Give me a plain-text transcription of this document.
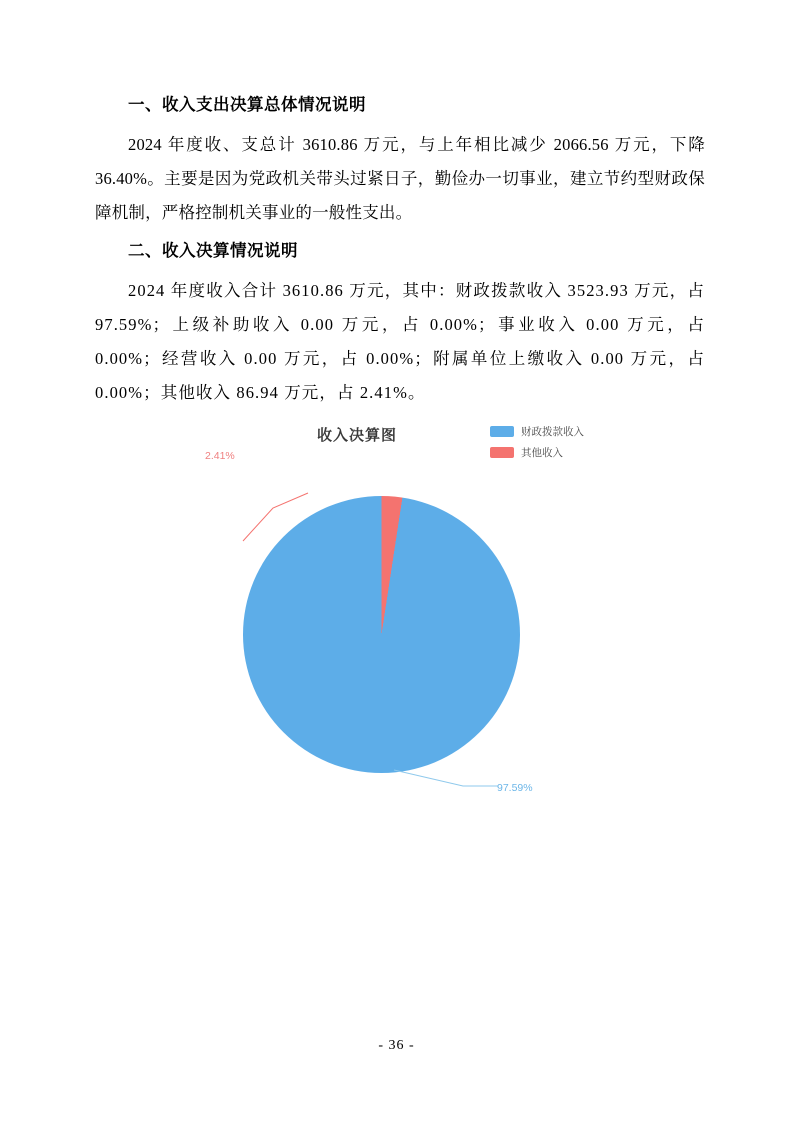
一、收入支出决算总体情况说明

2024 年度收、支总计 3610.86 万元，与上年相比减少 2066.56 万元，下降 36.40%。主要是因为党政机关带头过紧日子，勤俭办一切事业，建立节约型财政保障机制，严格控制机关事业的一般性支出。

二、收入决算情况说明

2024 年度收入合计 3610.86 万元，其中：财政拨款收入 3523.93 万元，占 97.59%；上级补助收入 0.00 万元，占 0.00%；事业收入 0.00 万元，占 0.00%；经营收入 0.00 万元，占 0.00%；附属单位上缴收入 0.00 万元，占 0.00%；其他收入 86.94 万元，占 2.41%。

收入决算图	财政拨款收入
其他收入
2.41%
97.59%
- 36 -
